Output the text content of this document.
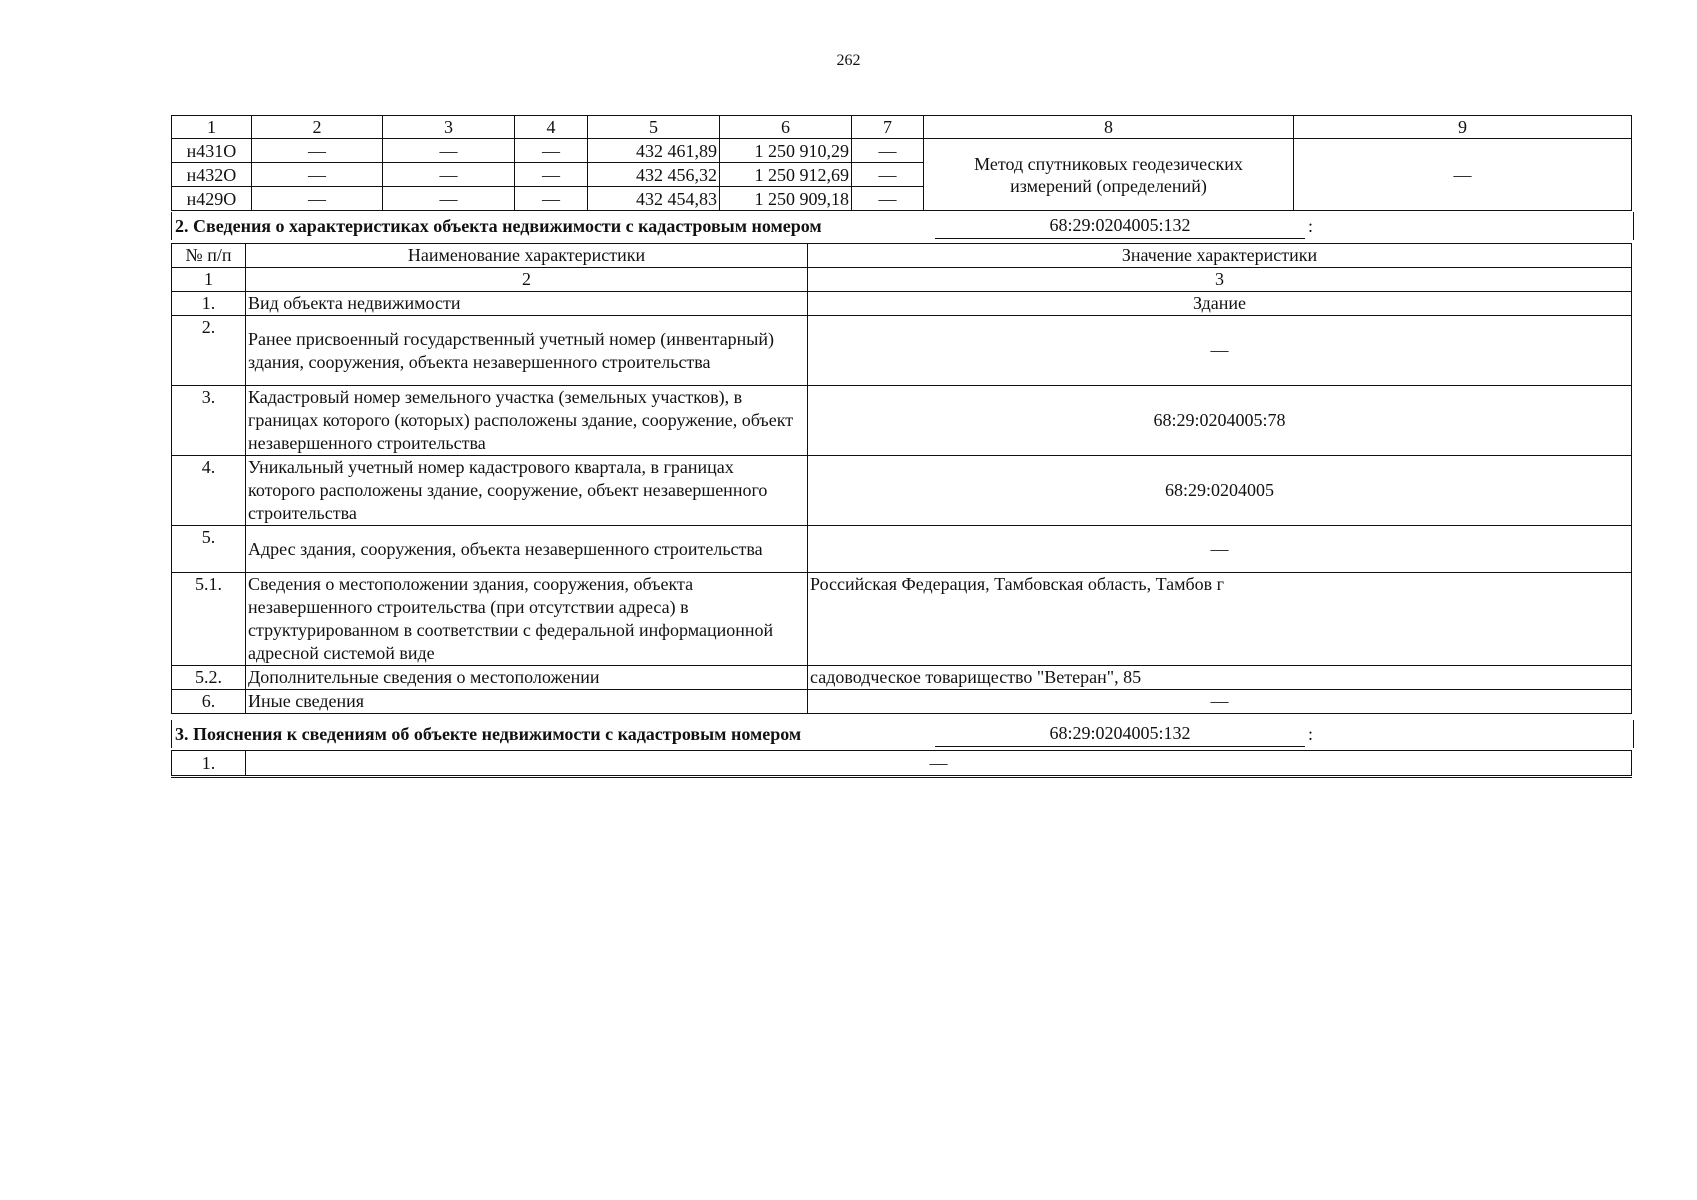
262
1	2	3	4	5	6	7	8	9
н431О	—	—	—	432 461,89	1 250 910,29	—	Метод спутниковых геодезических измерений (определений)	—
н432О	—	—	—	432 456,32	1 250 912,69	—		
н429О	—	—	—	432 454,83	1 250 909,18	—		
2. Сведения о характеристиках объекта недвижимости с кадастровым номером	68:29:0204005:132	:
№ п/п	Наименование характеристики	Значение характеристики
1	2	3
1.	Вид объекта недвижимости	Здание
2.	Ранее присвоенный государственный учетный номер (инвентарный) здания, сооружения, объекта незавершенного строительства	—
3.	Кадастровый номер земельного участка (земельных участков), в границах которого (которых) расположены здание, сооружение, объект незавершенного строительства	68:29:0204005:78
4.	Уникальный учетный номер кадастрового квартала, в границах которого расположены здание, сооружение, объект незавершенного строительства	68:29:0204005
5.	Адрес здания, сооружения, объекта незавершенного строительства	—
5.1.	Сведения о местоположении здания, сооружения, объекта незавершенного строительства (при отсутствии адреса) в структурированном в соответствии с федеральной информационной адресной системой виде	Российская Федерация, Тамбовская область, Тамбов г
5.2.	Дополнительные сведения о местоположении	садоводческое товарищество "Ветеран", 85
6.	Иные сведения	—
3. Пояснения к сведениям об объекте недвижимости с кадастровым номером	68:29:0204005:132	:
1.	—
